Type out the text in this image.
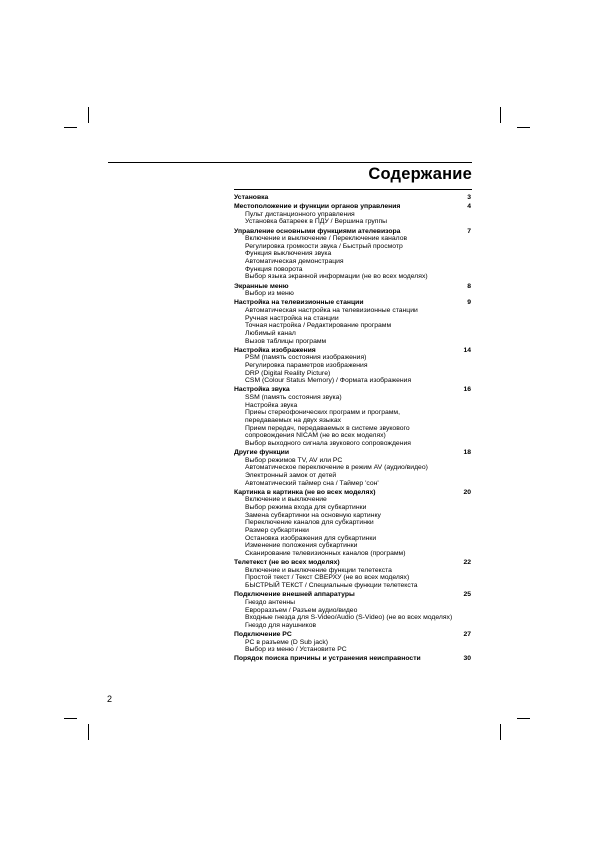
Содержание
Установка	3
Местоположение и функции органов управления	4
Пульт дистанционного управления
Установка батареек в ПДУ / Вершина группы
Управление основными функциями ателевизора	7
Включение и выключение / Переключение каналов
Регулировка громкости звука / Быстрый просмотр
Функция выключения звука
Автоматическая демонстрация
Функция поворота
Выбор языка экранной информации (не во всех моделях)
Экранные меню	8
Выбор из меню
Настройка на телевизионные станции	9
Автоматическая настройка на телевизионные станции
Ручная настройка на станции
Точная настройка / Редактирование программ
Любимый канал
Вызов таблицы программ
Настройка изображения	14
PSM (память состояния изображения)
Регулировка параметров изображения
DRP (Digital Reality Picture)
CSM (Colour Status Memory) / Формата изображения
Настройка звука	16
SSM (память состояния звука)
Настройка звука
Приеы стереофонических программ и программ,
передаваемых на двух языках
Прием передач, передаваемых в системе звукового
сопровождения NICAM (не во всех моделях)
Выбор выходного сигнала звукового сопровождения
Другие функции	18
Выбор режимов TV, AV или PC
Автоматическое переключение в режим AV (аудио/видео)
Электронный замок от детей
Автоматический таймер сна / Таймер 'сон'
Картинка в картинка (не во всех моделях)	20
Включение и выключение
Выбор режима входа для субкартинки
Замена субкартинки на основную картинку
Переключение каналов для субкартинки
Размер субкартинки
Остановка изображения для субкартинки
Изменение положения субкартинки
Сканирование телевизионных каналов (программ)
Телетекст (не во всех моделях)	22
Включение и выключение функции телетекста
Простой текст / Текст СВЕРХУ (не во всех моделях)
БЫСТРЫЙ ТЕКСТ / Специальные функции телетекста
Подключение внешней аппаратуры	25
Гнездо антенны
Еврораззъем / Разъем аудио/видео
Входные гнезда для S-Video/Audio (S-Video) (не во всех моделях)
Гнездо для наушников
Подключение PC	27
PC в разъеме (D Sub jack)
Выбор из меню / Установите PC
Порядок поиска причины и устранения неисправности	30
2
